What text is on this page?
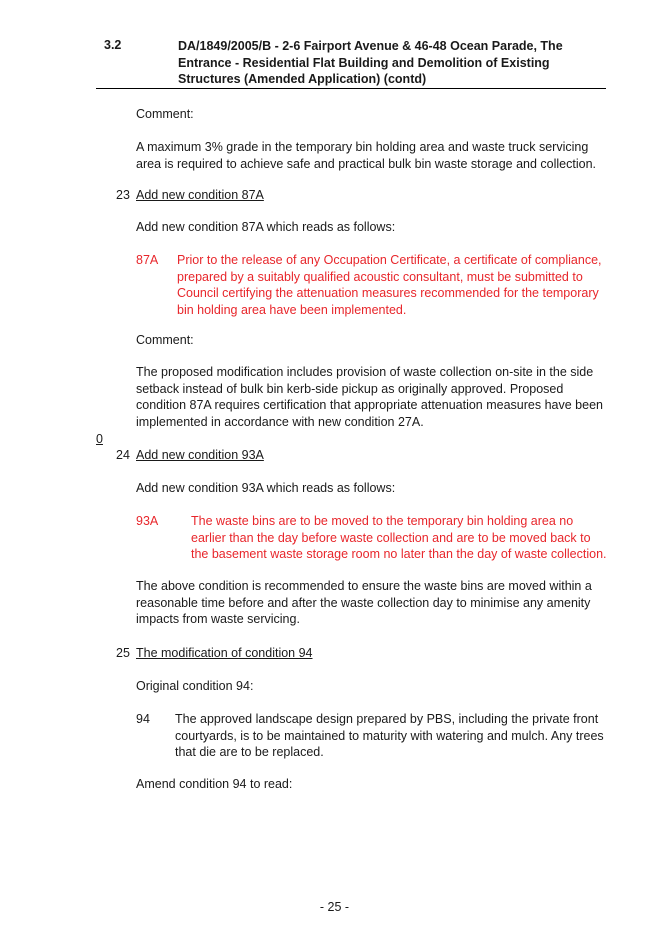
3.2	DA/1849/2005/B - 2-6 Fairport Avenue & 46-48 Ocean Parade, The Entrance - Residential Flat Building and Demolition of Existing Structures (Amended Application) (contd)
Comment:
A maximum 3% grade in the temporary bin holding area and waste truck servicing area is required to achieve safe and practical bulk bin waste storage and collection.
23 Add new condition 87A
Add new condition 87A which reads as follows:
87A Prior to the release of any Occupation Certificate, a certificate of compliance, prepared by a suitably qualified acoustic consultant, must be submitted to Council certifying the attenuation measures recommended for the temporary bin holding area have been implemented.
Comment:
The proposed modification includes provision of waste collection on-site in the side setback instead of bulk bin kerb-side pickup as originally approved. Proposed condition 87A requires certification that appropriate attenuation measures have been implemented in accordance with new condition 27A.
0
24 Add new condition 93A
Add new condition 93A which reads as follows:
93A	The waste bins are to be moved to the temporary bin holding area no earlier than the day before waste collection and are to be moved back to the basement waste storage room no later than the day of waste collection.
The above condition is recommended to ensure the waste bins are moved within a reasonable time before and after the waste collection day to minimise any amenity impacts from waste servicing.
25 The modification of condition 94
Original condition 94:
94 The approved landscape design prepared by PBS, including the private front courtyards, is to be maintained to maturity with watering and mulch. Any trees that die are to be replaced.
Amend condition 94 to read:
- 25 -
